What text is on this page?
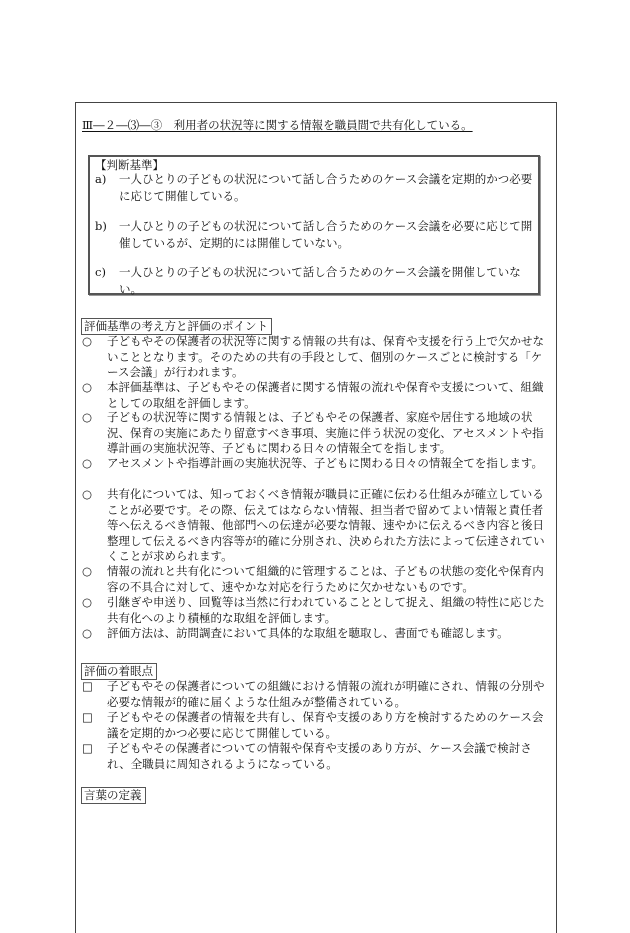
Ⅲ―２―⑶―③　利用者の状況等に関する情報を職員間で共有化している。
【判断基準】
a) 一人ひとりの子どもの状況について話し合うためのケース会議を定期的かつ必要に応じて開催している。
b) 一人ひとりの子どもの状況について話し合うためのケース会議を必要に応じて開催しているが、定期的には開催していない。
c) 一人ひとりの子どもの状況について話し合うためのケース会議を開催していない。
評価基準の考え方と評価のポイント
○ 子どもやその保護者の状況等に関する情報の共有は、保育や支援を行う上で欠かせないこととなります。そのための共有の手段として、個別のケースごとに検討する「ケース会議」が行われます。
○ 本評価基準は、子どもやその保護者に関する情報の流れや保育や支援について、組織としての取組を評価します。
○ 子どもの状況等に関する情報とは、子どもやその保護者、家庭や居住する地域の状況、保育の実施にあたり留意すべき事項、実施に伴う状況の変化、アセスメントや指導計画の実施状況等、子どもに関わる日々の情報全てを指します。
○ アセスメントや指導計画の実施状況等、子どもに関わる日々の情報全てを指します。
○ 共有化については、知っておくべき情報が職員に正確に伝わる仕組みが確立していることが必要です。その際、伝えてはならない情報、担当者で留めてよい情報と責任者等へ伝えるべき情報、他部門への伝達が必要な情報、速やかに伝えるべき内容と後日整理して伝えるべき内容等が的確に分別され、決められた方法によって伝達されていくことが求められます。
○ 情報の流れと共有化について組織的に管理することは、子どもの状態の変化や保育内容の不具合に対して、速やかな対応を行うために欠かせないものです。
○ 引継ぎや申送り、回覧等は当然に行われていることとして捉え、組織の特性に応じた共有化へのより積極的な取組を評価します。
○ 評価方法は、訪問調査において具体的な取組を聴取し、書面でも確認します。
評価の着眼点
□ 子どもやその保護者についての組織における情報の流れが明確にされ、情報の分別や必要な情報が的確に届くような仕組みが整備されている。
□ 子どもやその保護者の情報を共有し、保育や支援のあり方を検討するためのケース会議を定期的かつ必要に応じて開催している。
□ 子どもやその保護者についての情報や保育や支援のあり方が、ケース会議で検討され、全職員に周知されるようになっている。
言葉の定義
